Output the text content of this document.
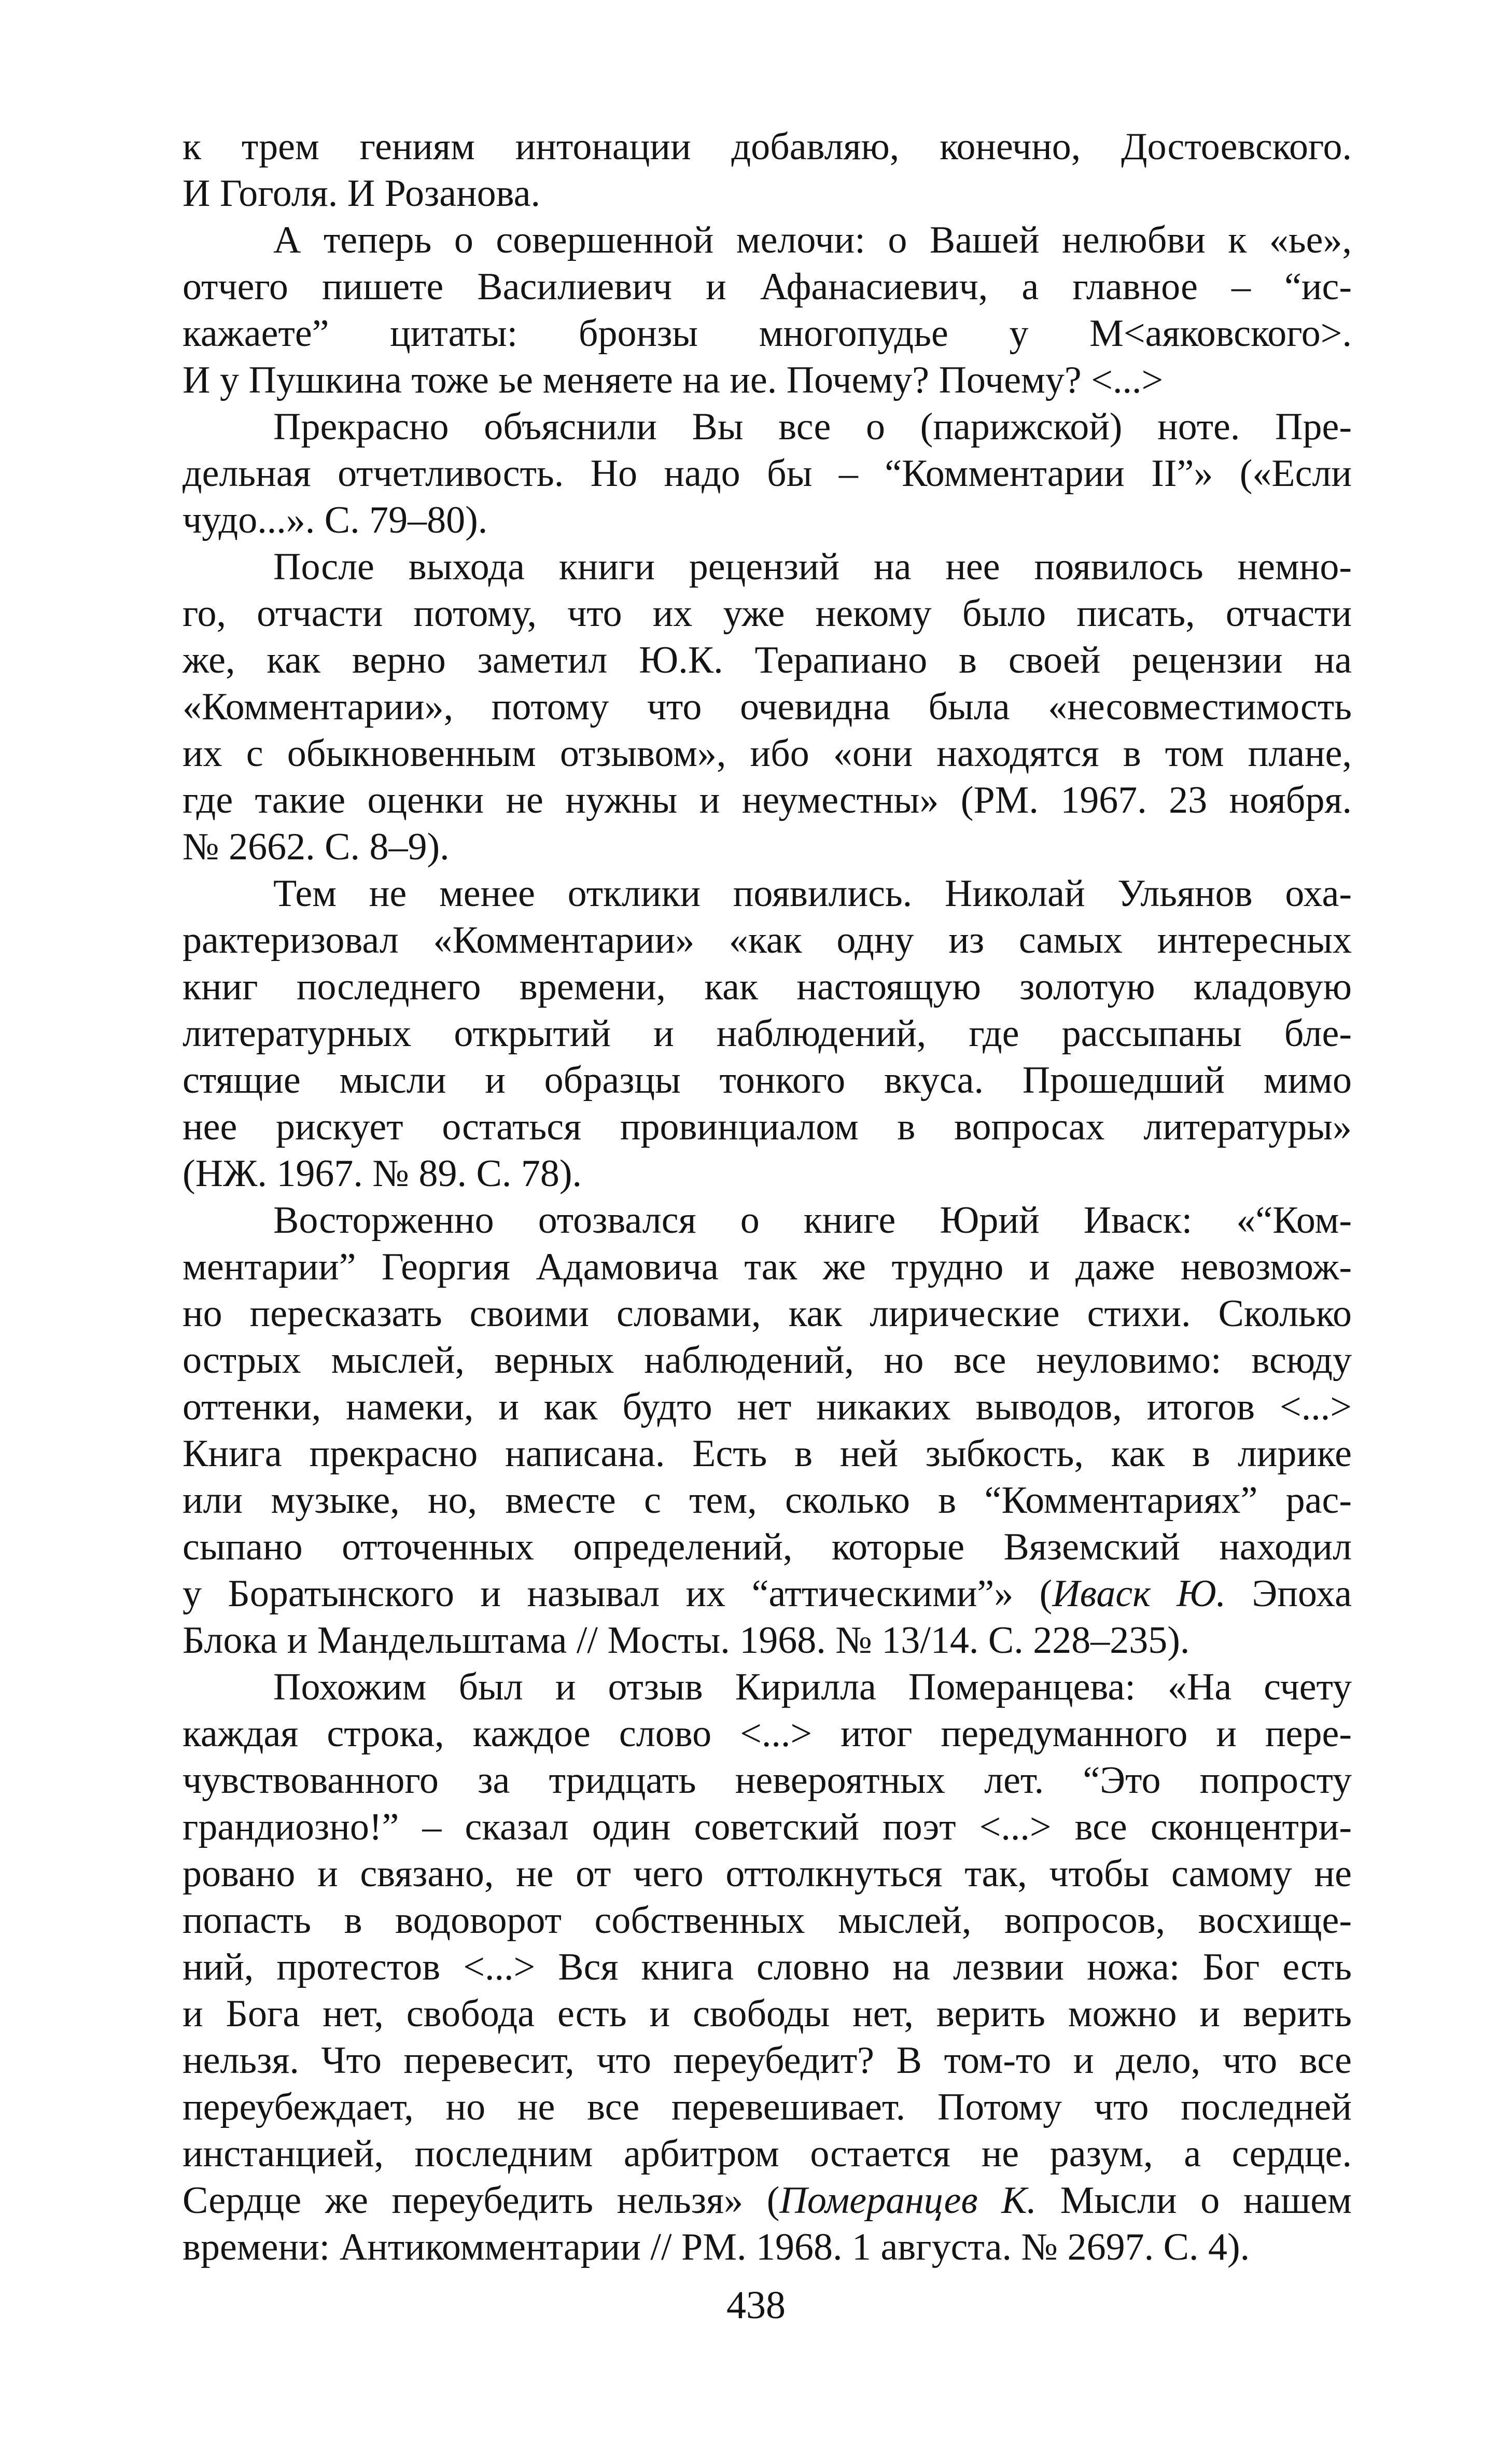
к трем гениям интонации добавляю, конечно, Достоевского.
И Гоголя. И Розанова.
А теперь о совершенной мелочи: о Вашей нелюбви к «ье»,
отчего пишете Василиевич и Афанасиевич, а главное – “ис-
кажаете” цитаты: бронзы многопудье у М<аяковского>.
И у Пушкина тоже ье меняете на ие. Почему? Почему? <...>
Прекрасно объяснили Вы все о (парижской) ноте. Пре-
дельная отчетливость. Но надо бы – “Комментарии II”» («Если
чудо...». С. 79–80).
После выхода книги рецензий на нее появилось немно-
го, отчасти потому, что их уже некому было писать, отчасти
же, как верно заметил Ю.К. Терапиано в своей рецензии на
«Комментарии», потому что очевидна была «несовместимость
их с обыкновенным отзывом», ибо «они находятся в том плане,
где такие оценки не нужны и неуместны» (РМ. 1967. 23 ноября.
№ 2662. С. 8–9).
Тем не менее отклики появились. Николай Ульянов оха-
рактеризовал «Комментарии» «как одну из самых интересных
книг последнего времени, как настоящую золотую кладовую
литературных открытий и наблюдений, где рассыпаны бле-
стящие мысли и образцы тонкого вкуса. Прошедший мимо
нее рискует остаться провинциалом в вопросах литературы»
(НЖ. 1967. № 89. С. 78).
Восторженно отозвался о книге Юрий Иваск: «“Ком-
ментарии” Георгия Адамовича так же трудно и даже невозмож-
но пересказать своими словами, как лирические стихи. Сколько
острых мыслей, верных наблюдений, но все неуловимо: всюду
оттенки, намеки, и как будто нет никаких выводов, итогов <...>
Книга прекрасно написана. Есть в ней зыбкость, как в лирике
или музыке, но, вместе с тем, сколько в “Комментариях” рас-
сыпано отточенных определений, которые Вяземский находил
у Боратынского и называл их “аттическими”» (Иваск Ю. Эпоха
Блока и Мандельштама // Мосты. 1968. № 13/14. С. 228–235).
Похожим был и отзыв Кирилла Померанцева: «На счету
каждая строка, каждое слово <...> итог передуманного и пере-
чувствованного за тридцать невероятных лет. “Это попросту
грандиозно!” – сказал один советский поэт <...> все сконцентри-
ровано и связано, не от чего оттолкнуться так, чтобы самому не
попасть в водоворот собственных мыслей, вопросов, восхище-
ний, протестов <...> Вся книга словно на лезвии ножа: Бог есть
и Бога нет, свобода есть и свободы нет, верить можно и верить
нельзя. Что перевесит, что переубедит? В том-то и дело, что все
переубеждает, но не все перевешивает. Потому что последней
инстанцией, последним арбитром остается не разум, а сердце.
Сердце же переубедить нельзя» (Померанцев К. Мысли о нашем
времени: Антикомментарии // РМ. 1968. 1 августа. № 2697. С. 4).
438
